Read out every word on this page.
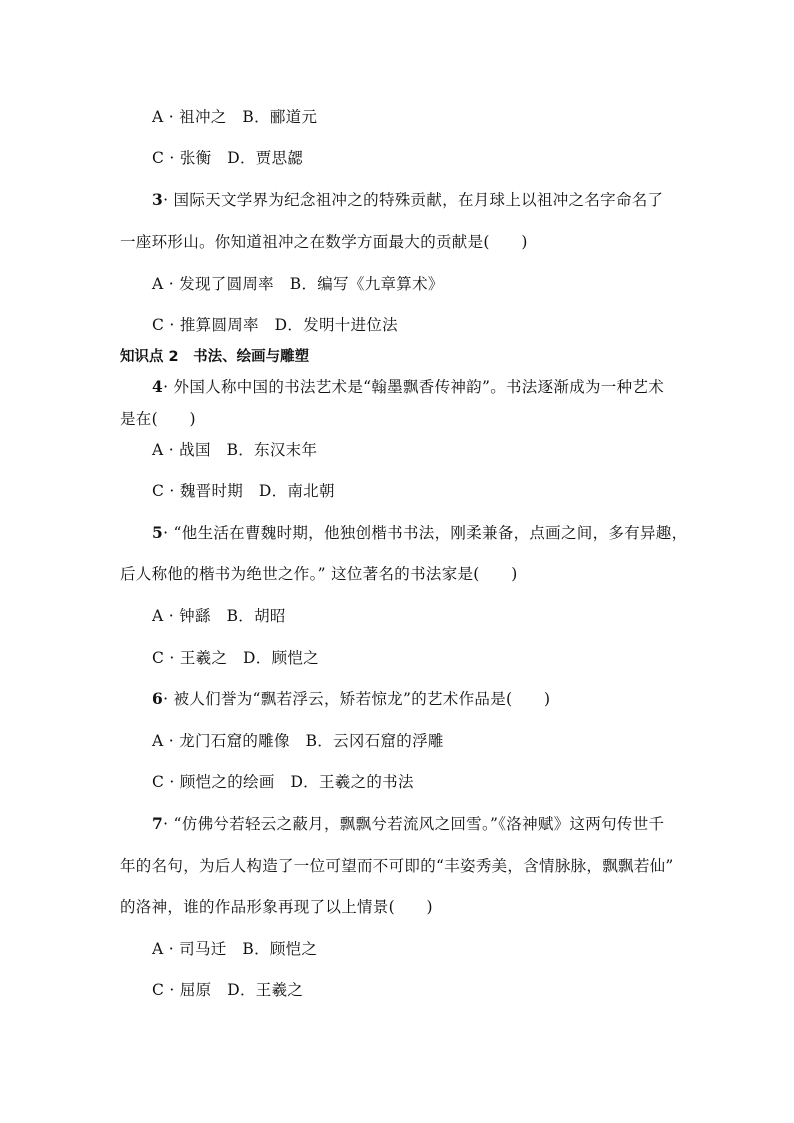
A · 祖冲之　B．郦道元
C · 张衡　D．贾思勰
3· 国际天文学界为纪念祖冲之的特殊贡献，在月球上以祖冲之名字命名了
一座环形山。你知道祖冲之在数学方面最大的贡献是(　　)
A · 发现了圆周率　B．编写《九章算术》
C · 推算圆周率　D．发明十进位法
知识点 2　书法、绘画与雕塑
4· 外国人称中国的书法艺术是“翰墨飘香传神韵”。书法逐渐成为一种艺术
是在(　　)
A · 战国　B．东汉末年
C · 魏晋时期　D．南北朝
5· “他生活在曹魏时期，他独创楷书书法，刚柔兼备，点画之间，多有异趣，
后人称他的楷书为绝世之作。” 这位著名的书法家是(　　)
A · 钟繇　B．胡昭
C · 王羲之　D．顾恺之
6· 被人们誉为“飘若浮云，矫若惊龙”的艺术作品是(　　)
A · 龙门石窟的雕像　B．云冈石窟的浮雕
C · 顾恺之的绘画　D．王羲之的书法
7· “仿佛兮若轻云之蔽月，飘飘兮若流风之回雪。”《洛神赋》这两句传世千
年的名句，为后人构造了一位可望而不可即的“丰姿秀美，含情脉脉，飘飘若仙”
的洛神，谁的作品形象再现了以上情景(　　)
A · 司马迁　B．顾恺之
C · 屈原　D．王羲之
